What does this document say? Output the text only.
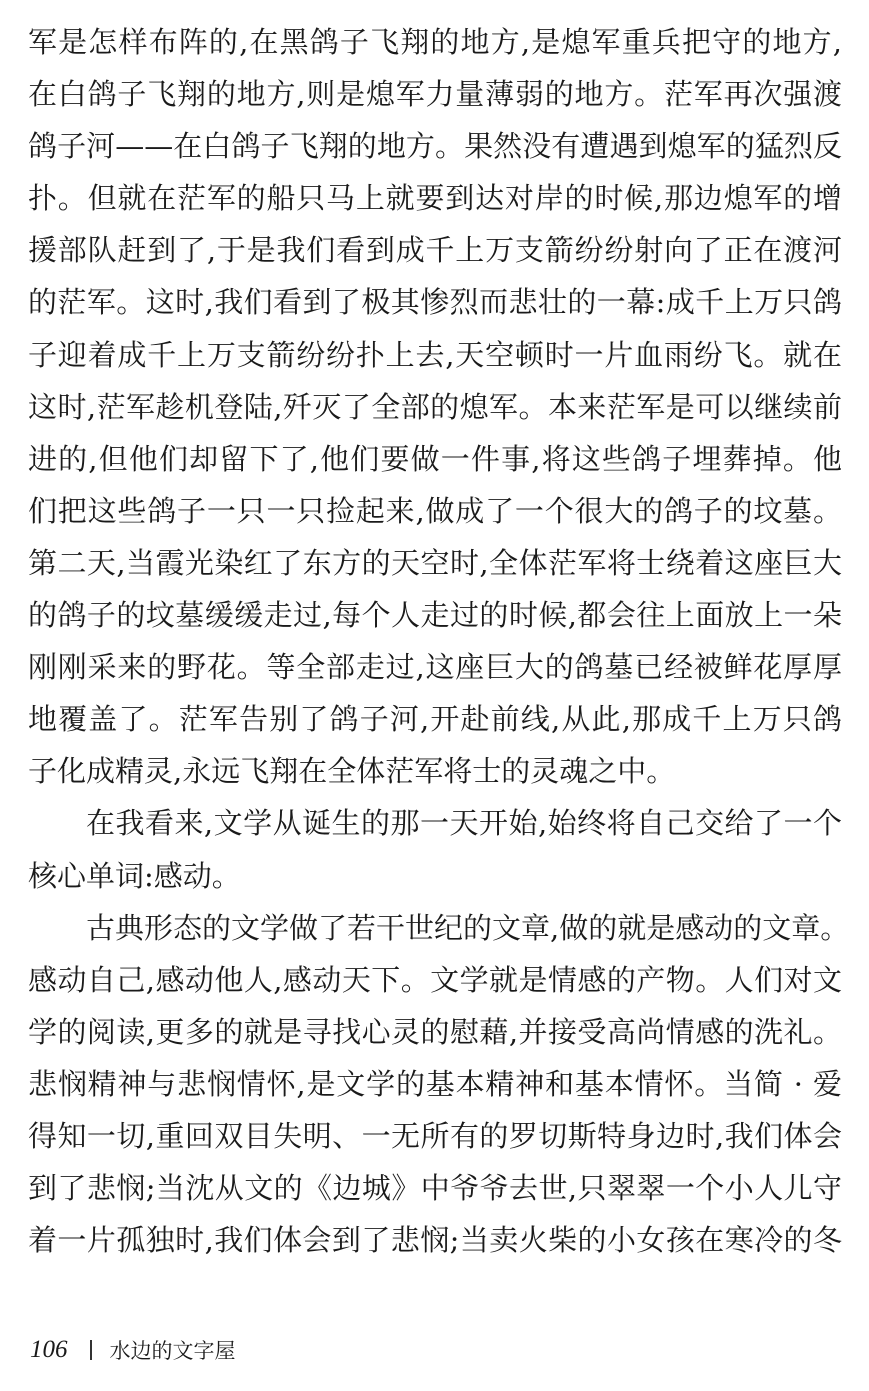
军是怎样布阵的,在黑鸽子飞翔的地方,是熄军重兵把守的地方,
在白鸽子飞翔的地方,则是熄军力量薄弱的地方。茫军再次强渡
鸽子河——在白鸽子飞翔的地方。果然没有遭遇到熄军的猛烈反
扑。但就在茫军的船只马上就要到达对岸的时候,那边熄军的增
援部队赶到了,于是我们看到成千上万支箭纷纷射向了正在渡河
的茫军。这时,我们看到了极其惨烈而悲壮的一幕:成千上万只鸽
子迎着成千上万支箭纷纷扑上去,天空顿时一片血雨纷飞。就在
这时,茫军趁机登陆,歼灭了全部的熄军。本来茫军是可以继续前
进的,但他们却留下了,他们要做一件事,将这些鸽子埋葬掉。他
们把这些鸽子一只一只捡起来,做成了一个很大的鸽子的坟墓。
第二天,当霞光染红了东方的天空时,全体茫军将士绕着这座巨大
的鸽子的坟墓缓缓走过,每个人走过的时候,都会往上面放上一朵
刚刚采来的野花。等全部走过,这座巨大的鸽墓已经被鲜花厚厚
地覆盖了。茫军告别了鸽子河,开赴前线,从此,那成千上万只鸽
子化成精灵,永远飞翔在全体茫军将士的灵魂之中。
在我看来,文学从诞生的那一天开始,始终将自己交给了一个
核心单词:感动。
古典形态的文学做了若干世纪的文章,做的就是感动的文章。
感动自己,感动他人,感动天下。文学就是情感的产物。人们对文
学的阅读,更多的就是寻找心灵的慰藉,并接受高尚情感的洗礼。
悲悯精神与悲悯情怀,是文学的基本精神和基本情怀。当简 · 爱
得知一切,重回双目失明、一无所有的罗切斯特身边时,我们体会
到了悲悯;当沈从文的《边城》中爷爷去世,只翠翠一个小人儿守
着一片孤独时,我们体会到了悲悯;当卖火柴的小女孩在寒冷的冬
106 水边的文字屋
